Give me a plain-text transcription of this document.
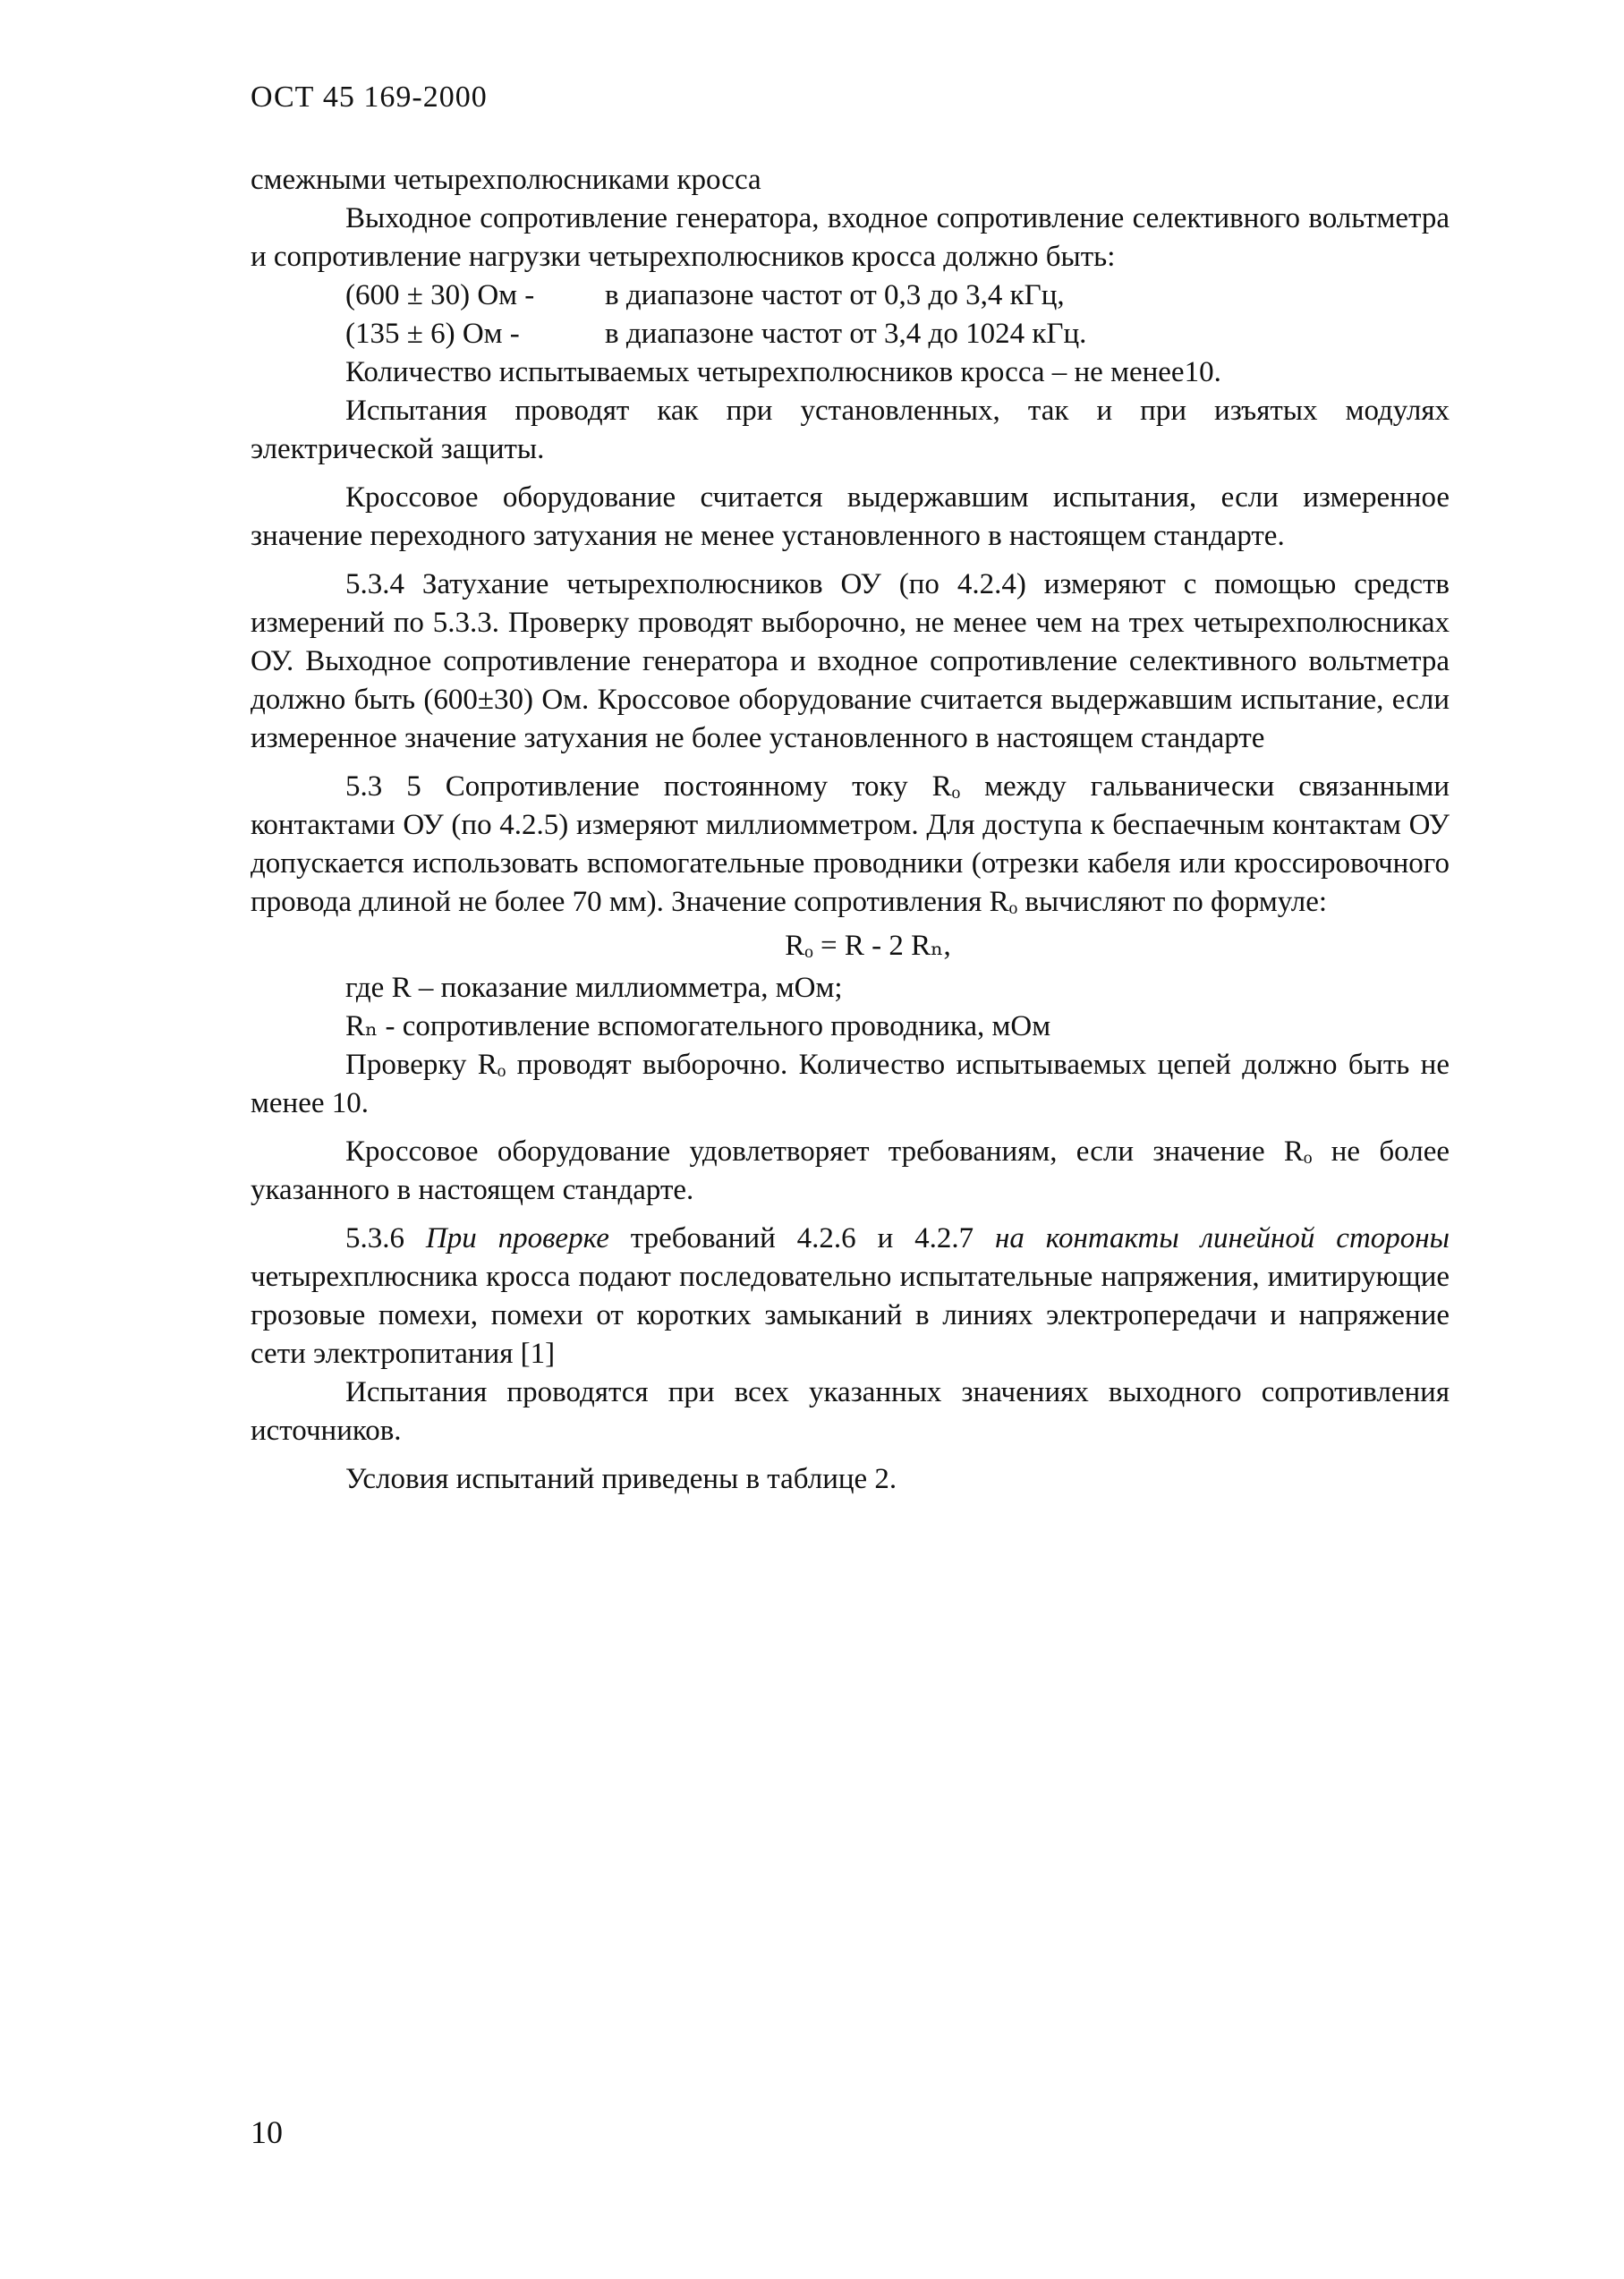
ОСТ 45 169-2000

смежными четырехполюсниками кросса

Выходное сопротивление генератора, входное сопротивление селективного вольтметра и сопротивление нагрузки четырехполюсников кросса должно быть:

(600 ± 30) Ом -	в диапазоне частот от 0,3 до 3,4 кГц,
(135 ± 6) Ом -	в диапазоне частот от 3,4 до 1024 кГц.

Количество испытываемых четырехполюсников кросса – не менее10.

Испытания проводят как при установленных, так и при изъятых модулях электрической защиты.

Кроссовое оборудование считается выдержавшим испытания, если измеренное значение переходного затухания не менее установленного в настоящем стандарте.

5.3.4 Затухание четырехполюсников ОУ (по 4.2.4) измеряют с помощью средств измерений по 5.3.3. Проверку проводят выборочно, не менее чем на трех четырехполюсниках ОУ. Выходное сопротивление генератора и входное сопротивление селективного вольтметра должно быть (600±30) Ом. Кроссовое оборудование считается выдержавшим испытание, если измеренное значение затухания не более установленного в настоящем стандарте

5.3 5 Сопротивление постоянному току Rₒ между гальванически связанными контактами ОУ (по 4.2.5) измеряют миллиомметром. Для доступа к беспаечным контактам ОУ допускается использовать вспомогательные проводники (отрезки кабеля или кроссировочного провода длиной не более 70 мм). Значение сопротивления Rₒ вычисляют по формуле:

Rₒ = R - 2 Rₙ,

где R – показание миллиомметра, мОм;

Rₙ - сопротивление вспомогательного проводника, мОм

Проверку Rₒ проводят выборочно. Количество испытываемых цепей должно быть не менее 10.

Кроссовое оборудование удовлетворяет требованиям, если значение Rₒ не более указанного в настоящем стандарте.

5.3.6 При проверке требований 4.2.6 и 4.2.7 на контакты линейной стороны четырехплюсника кросса подают последовательно испытательные напряжения, имитирующие грозовые помехи, помехи от коротких замыканий в линиях электропередачи и напряжение сети электропитания [1]

Испытания проводятся при всех указанных значениях выходного сопротивления источников.

Условия испытаний приведены в таблице 2.

10
